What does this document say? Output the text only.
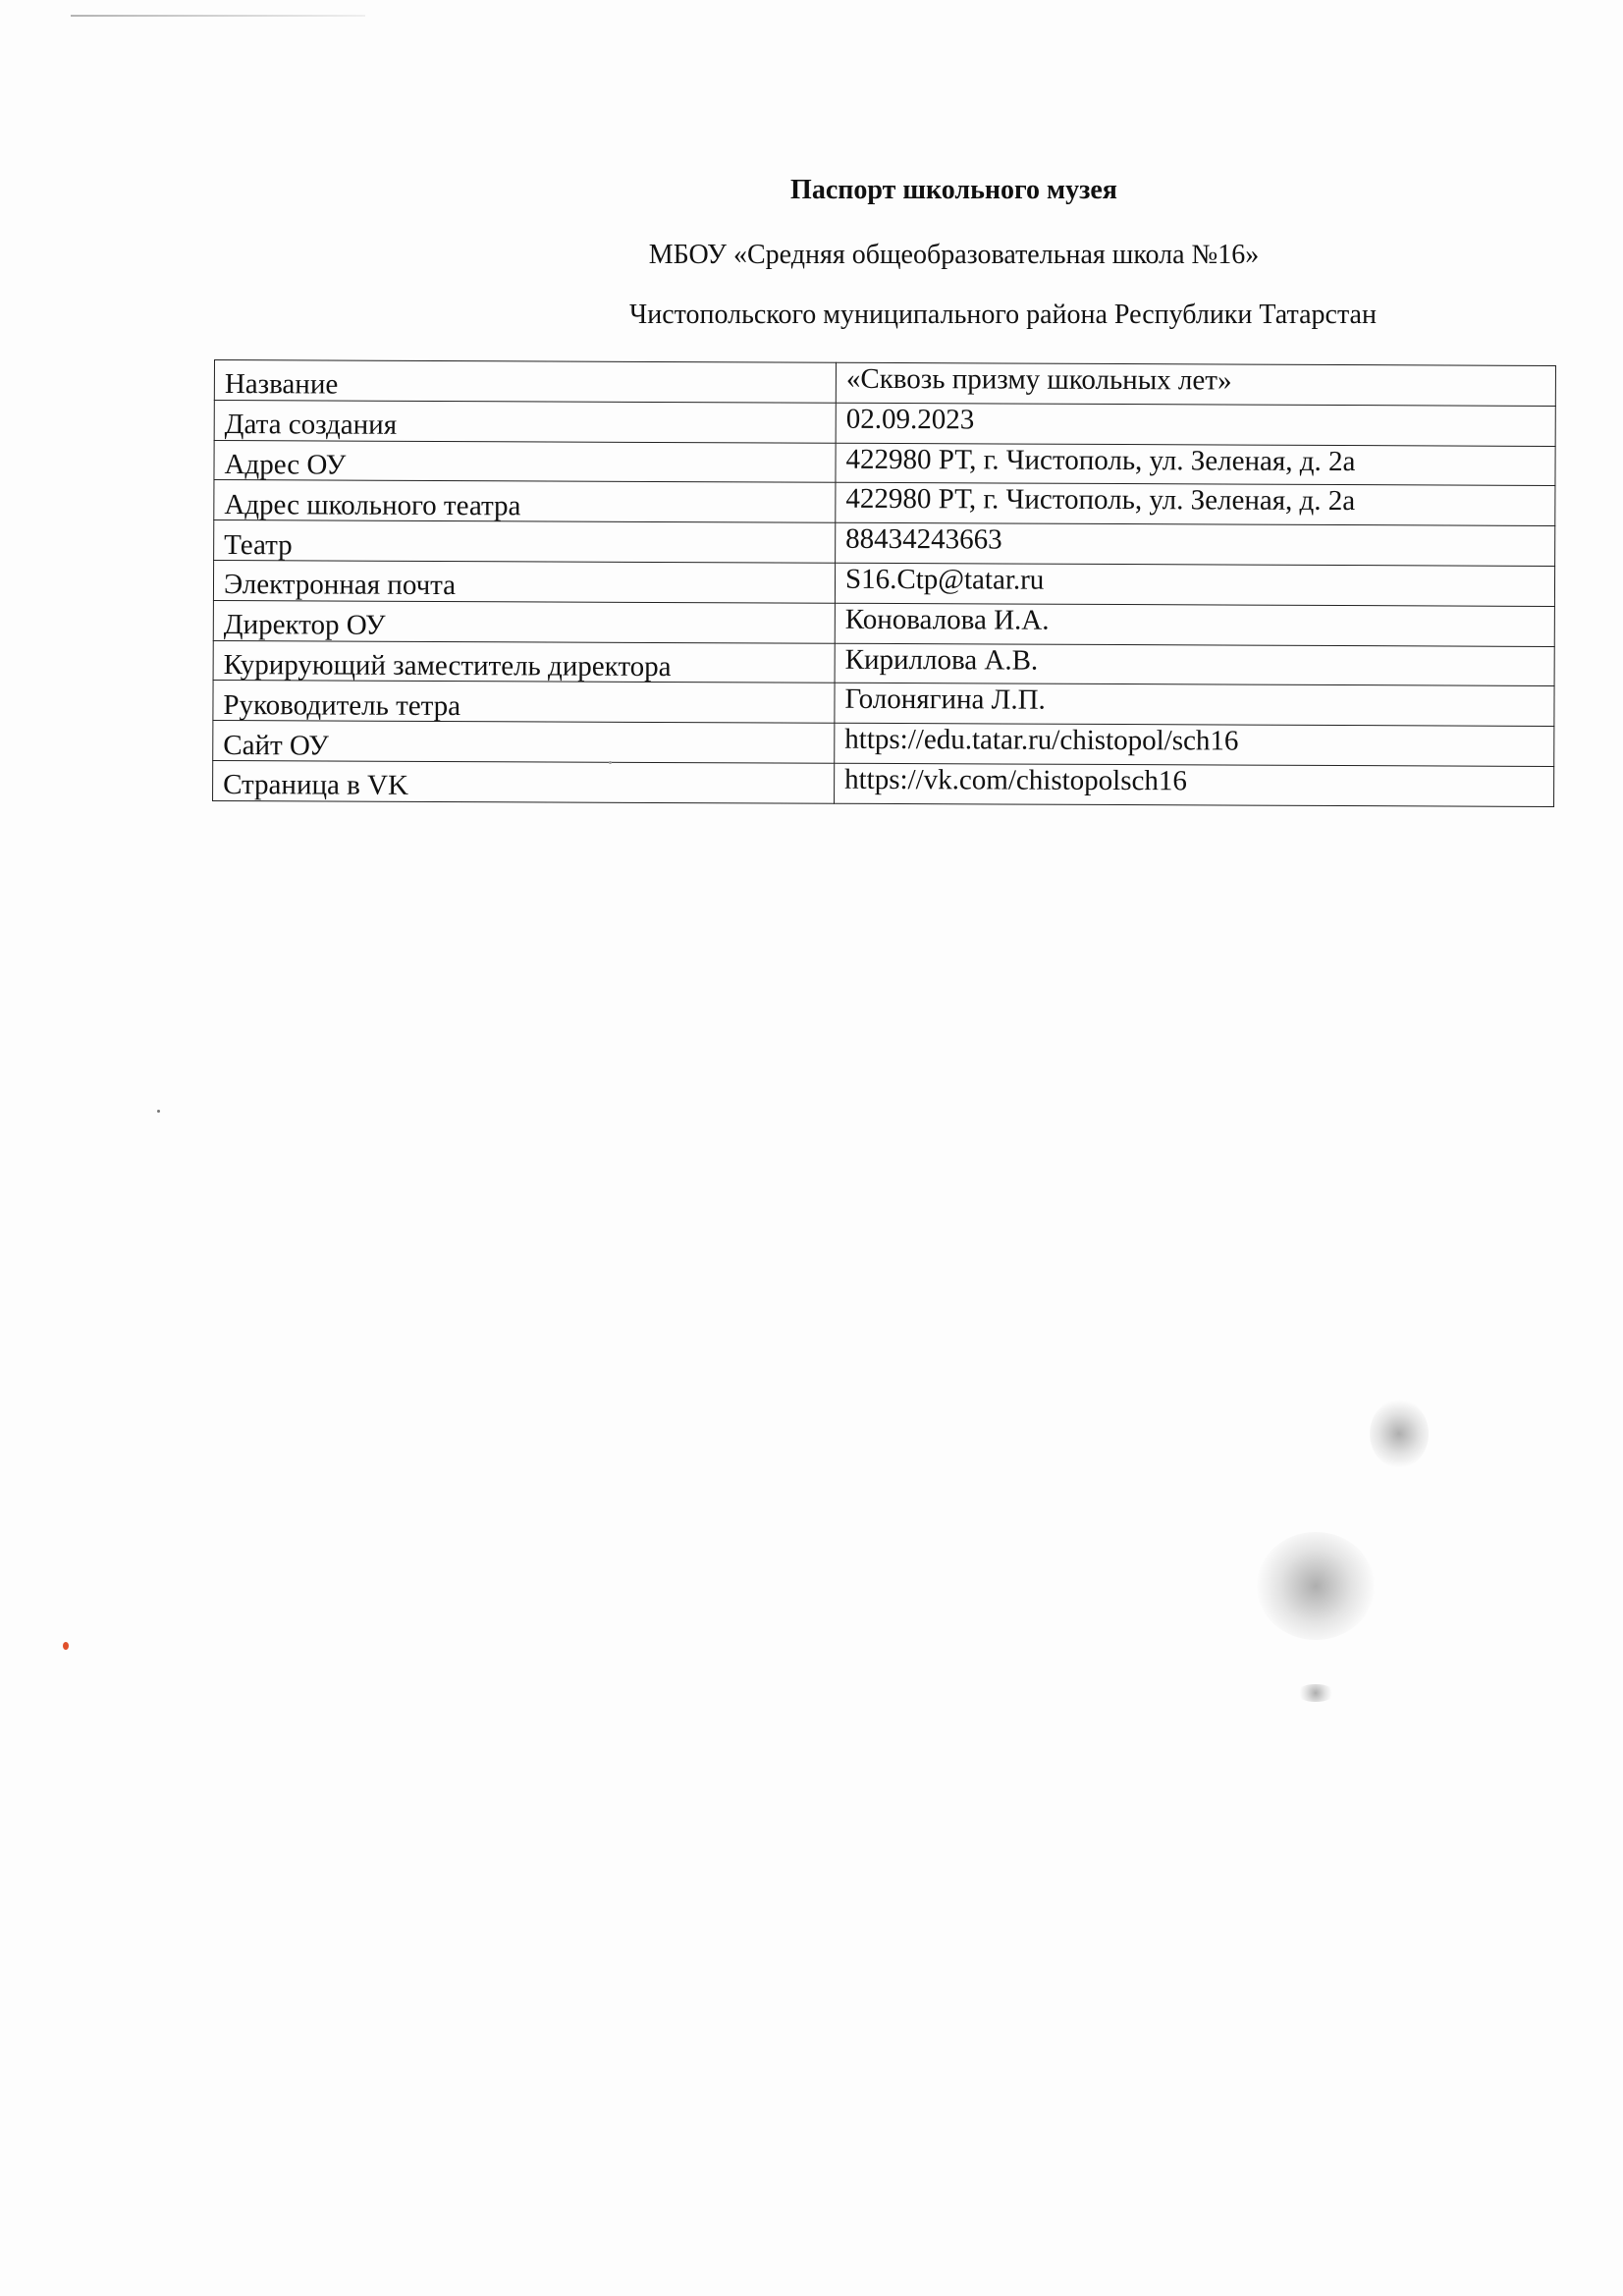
Паспорт школьного музея
МБОУ «Средняя общеобразовательная школа №16»
Чистопольского муниципального района Республики Татарстан
Название	«Сквозь призму школьных лет»
Дата создания	02.09.2023
Адрес ОУ	422980 РТ, г. Чистополь, ул. Зеленая, д. 2а
Адрес школьного театра	422980 РТ, г. Чистополь, ул. Зеленая, д. 2а
Театр	88434243663
Электронная почта	S16.Ctp@tatar.ru
Директор ОУ	Коновалова И.А.
Курирующий заместитель директора	Кириллова А.В.
Руководитель тетра	Голонягина Л.П.
Сайт ОУ	https://edu.tatar.ru/chistopol/sch16
Страница в VK	https://vk.com/chistopolsch16
